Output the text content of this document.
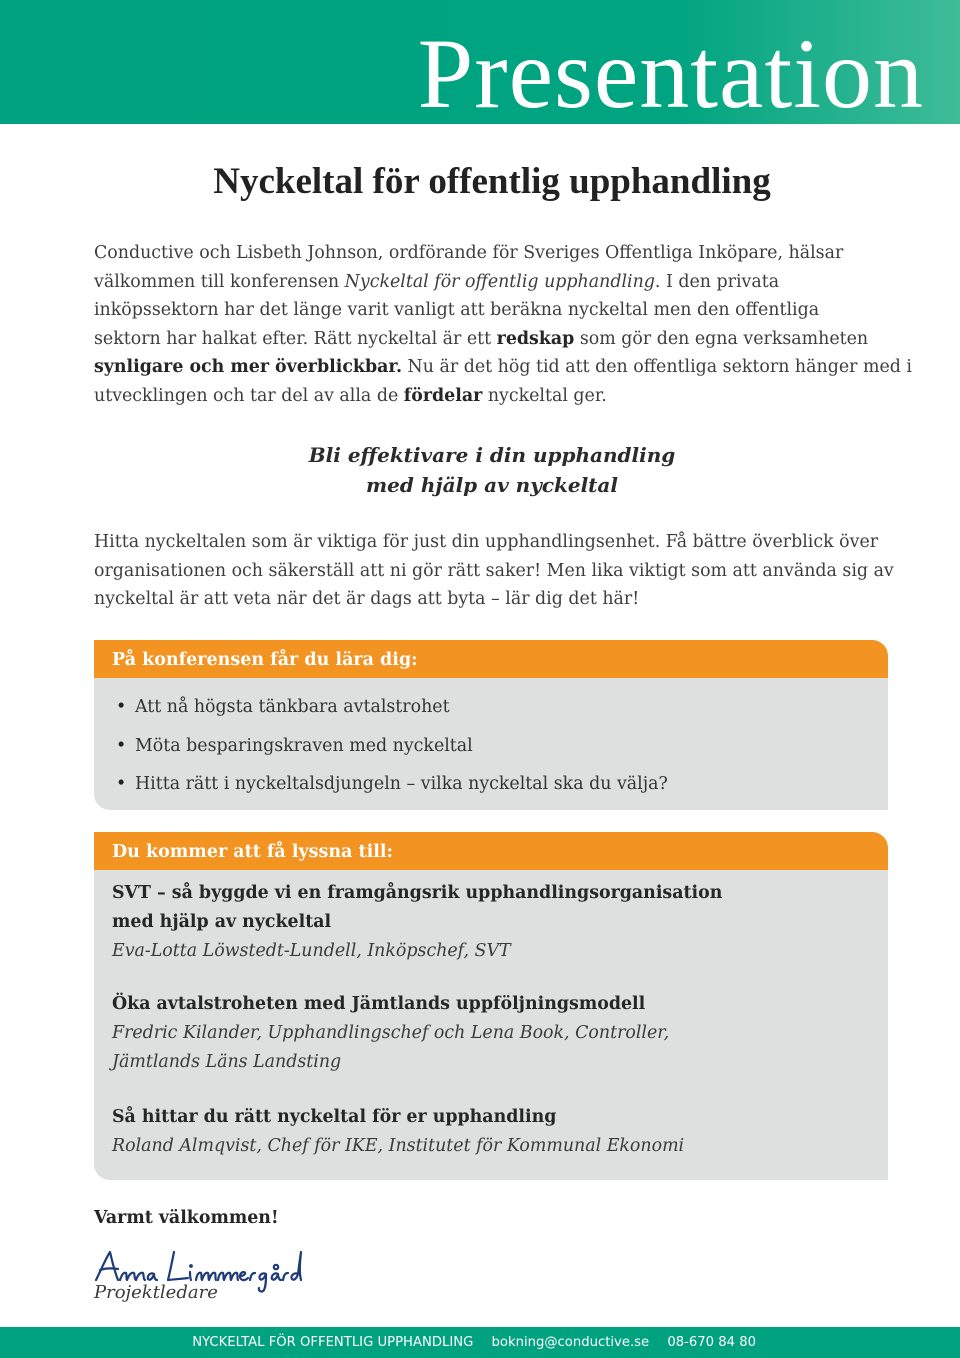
Presentation
Nyckeltal för offentlig upphandling
Conductive och Lisbeth Johnson, ordförande för Sveriges Offentliga Inköpare, hälsar
välkommen till konferensen Nyckeltal för offentlig upphandling. I den privata
inköpssektorn har det länge varit vanligt att beräkna nyckeltal men den offentliga
sektorn har halkat efter. Rätt nyckeltal är ett redskap som gör den egna verksamheten
synligare och mer överblickbar. Nu är det hög tid att den offentliga sektorn hänger med i
utvecklingen och tar del av alla de fördelar nyckeltal ger.
Bli effektivare i din upphandling
med hjälp av nyckeltal
Hitta nyckeltalen som är viktiga för just din upphandlingsenhet. Få bättre överblick över
organisationen och säkerställ att ni gör rätt saker! Men lika viktigt som att använda sig av
nyckeltal är att veta när det är dags att byta – lär dig det här!
På konferensen får du lära dig:
• Att nå högsta tänkbara avtalstrohet
• Möta besparingskraven med nyckeltal
• Hitta rätt i nyckeltalsdjungeln – vilka nyckeltal ska du välja?
Du kommer att få lyssna till:
SVT – så byggde vi en framgångsrik upphandlingsorganisation
med hjälp av nyckeltal
Eva-Lotta Löwstedt-Lundell, Inköpschef, SVT
Öka avtalstroheten med Jämtlands uppföljningsmodell
Fredric Kilander, Upphandlingschef och Lena Book, Controller,
Jämtlands Läns Landsting
Så hittar du rätt nyckeltal för er upphandling
Roland Almqvist, Chef för IKE, Institutet för Kommunal Ekonomi
Varmt välkommen!
Projektledare
NYCKELTAL FÖR OFFENTLIG UPPHANDLING bokning@conductive.se 08-670 84 80
